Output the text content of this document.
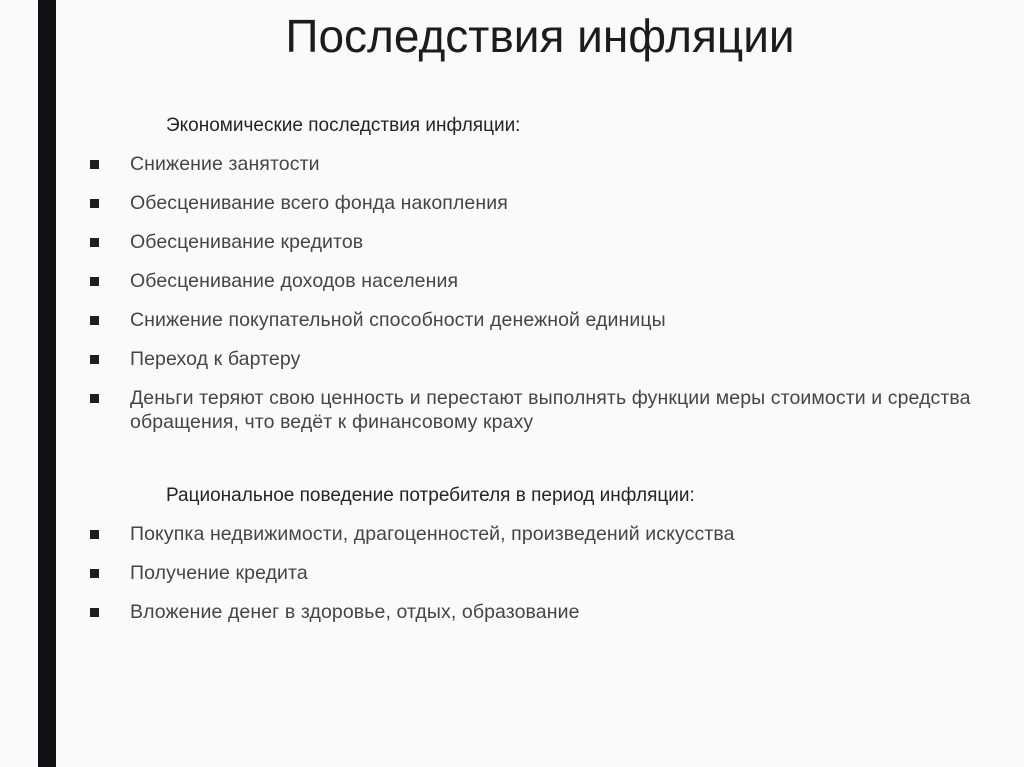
Последствия инфляции
Экономические последствия инфляции:
Снижение занятости
Обесценивание всего фонда накопления
Обесценивание кредитов
Обесценивание доходов населения
Снижение покупательной способности денежной единицы
Переход к бартеру
Деньги теряют свою ценность и перестают выполнять функции меры стоимости и средства обращения, что ведёт к финансовому краху
Рациональное поведение потребителя в период инфляции:
Покупка недвижимости, драгоценностей, произведений искусства
Получение кредита
Вложение денег в здоровье, отдых, образование
